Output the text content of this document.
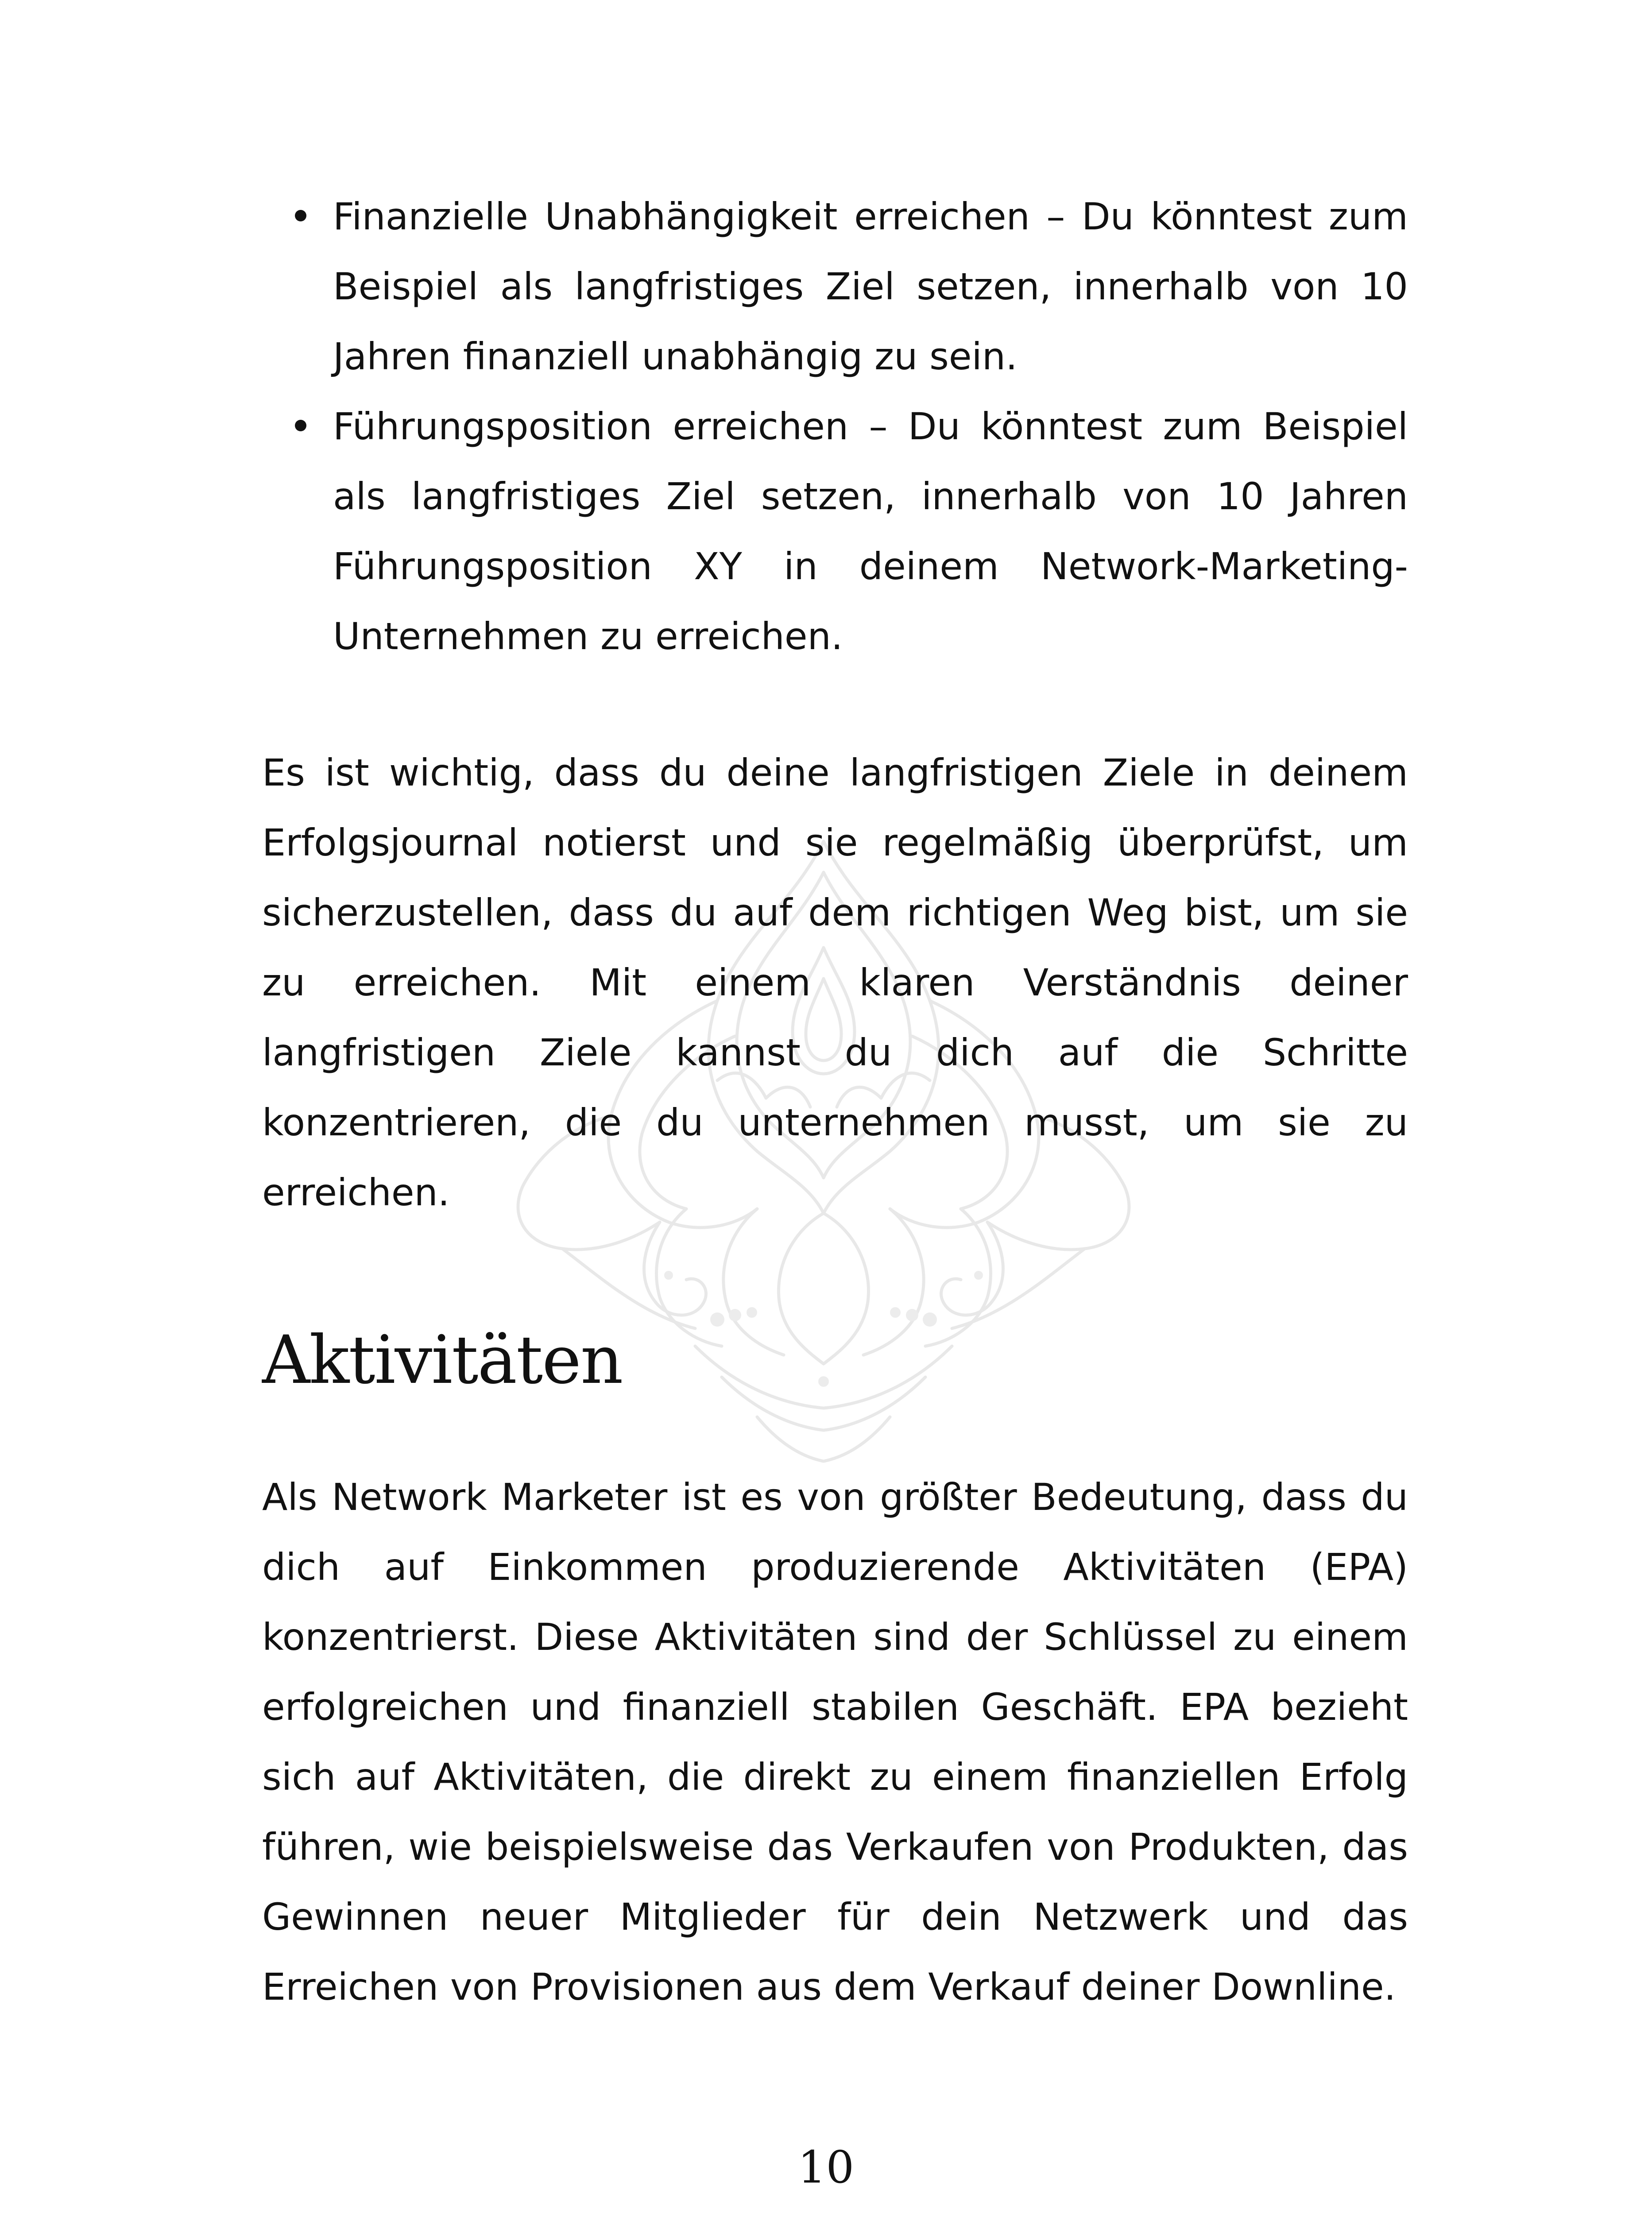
Finanzielle Unabhängigkeit erreichen – Du könntest zum Beispiel als langfristiges Ziel setzen, innerhalb von 10 Jahren finanziell unabhängig zu sein.
Führungsposition erreichen – Du könntest zum Beispiel als langfristiges Ziel setzen, innerhalb von 10 Jahren Führungsposition XY in deinem Network-Marketing-Unternehmen zu erreichen.

Es ist wichtig, dass du deine langfristigen Ziele in deinem Erfolgsjournal notierst und sie regelmäßig überprüfst, um sicherzustellen, dass du auf dem richtigen Weg bist, um sie zu erreichen. Mit einem klaren Verständnis deiner langfristigen Ziele kannst du dich auf die Schritte konzentrieren, die du unternehmen musst, um sie zu erreichen.

Aktivitäten

Als Network Marketer ist es von größter Bedeutung, dass du dich auf Einkommen produzierende Aktivitäten (EPA) konzentrierst. Diese Aktivitäten sind der Schlüssel zu einem erfolgreichen und finanziell stabilen Geschäft. EPA bezieht sich auf Aktivitäten, die direkt zu einem finanziellen Erfolg führen, wie beispielsweise das Verkaufen von Produkten, das Gewinnen neuer Mitglieder für dein Netzwerk und das Erreichen von Provisionen aus dem Verkauf deiner Downline.

10
